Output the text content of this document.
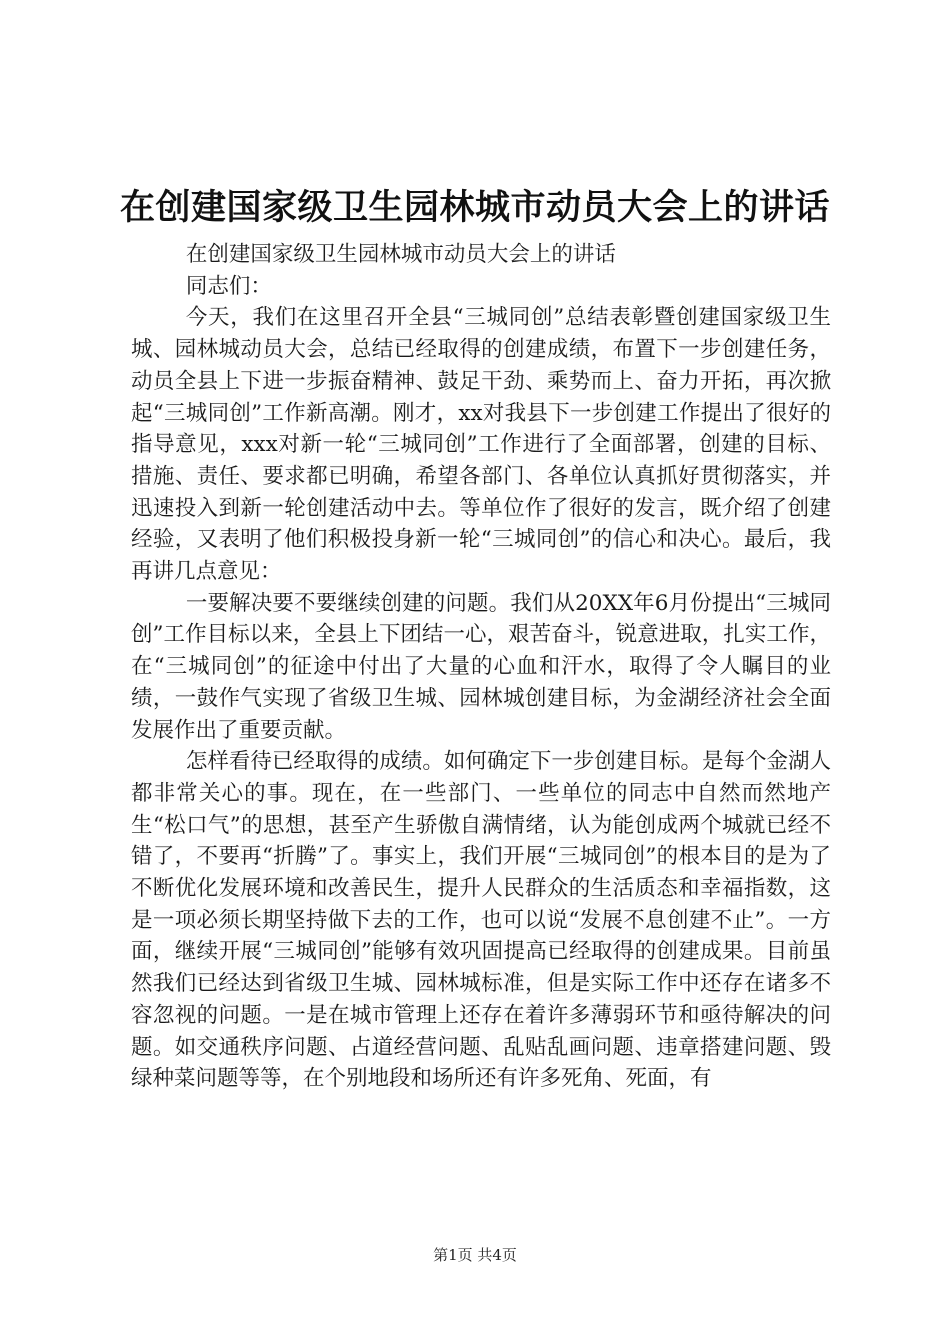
在创建国家级卫生园林城市动员大会上的讲话

在创建国家级卫生园林城市动员大会上的讲话

同志们：

今天，我们在这里召开全县“三城同创”总结表彰暨创建国家级卫生城、园林城动员大会，总结已经取得的创建成绩，布置下一步创建任务，动员全县上下进一步振奋精神、鼓足干劲、乘势而上、奋力开拓，再次掀起“三城同创”工作新高潮。刚才，xx对我县下一步创建工作提出了很好的指导意见，xxx对新一轮“三城同创”工作进行了全面部署，创建的目标、措施、责任、要求都已明确，希望各部门、各单位认真抓好贯彻落实，并迅速投入到新一轮创建活动中去。等单位作了很好的发言，既介绍了创建经验，又表明了他们积极投身新一轮“三城同创”的信心和决心。最后，我再讲几点意见：

一要解决要不要继续创建的问题。我们从20XX年6月份提出“三城同创”工作目标以来，全县上下团结一心，艰苦奋斗，锐意进取，扎实工作，在“三城同创”的征途中付出了大量的心血和汗水，取得了令人瞩目的业绩，一鼓作气实现了省级卫生城、园林城创建目标，为金湖经济社会全面发展作出了重要贡献。

怎样看待已经取得的成绩。如何确定下一步创建目标。是每个金湖人都非常关心的事。现在，在一些部门、一些单位的同志中自然而然地产生“松口气”的思想，甚至产生骄傲自满情绪，认为能创成两个城就已经不错了，不要再“折腾”了。事实上，我们开展“三城同创”的根本目的是为了不断优化发展环境和改善民生，提升人民群众的生活质态和幸福指数，这是一项必须长期坚持做下去的工作，也可以说“发展不息创建不止”。一方面，继续开展“三城同创”能够有效巩固提高已经取得的创建成果。目前虽然我们已经达到省级卫生城、园林城标准，但是实际工作中还存在诸多不容忽视的问题。一是在城市管理上还存在着许多薄弱环节和亟待解决的问题。如交通秩序问题、占道经营问题、乱贴乱画问题、违章搭建问题、毁绿种菜问题等等，在个别地段和场所还有许多死角、死面，有

第1页 共4页
